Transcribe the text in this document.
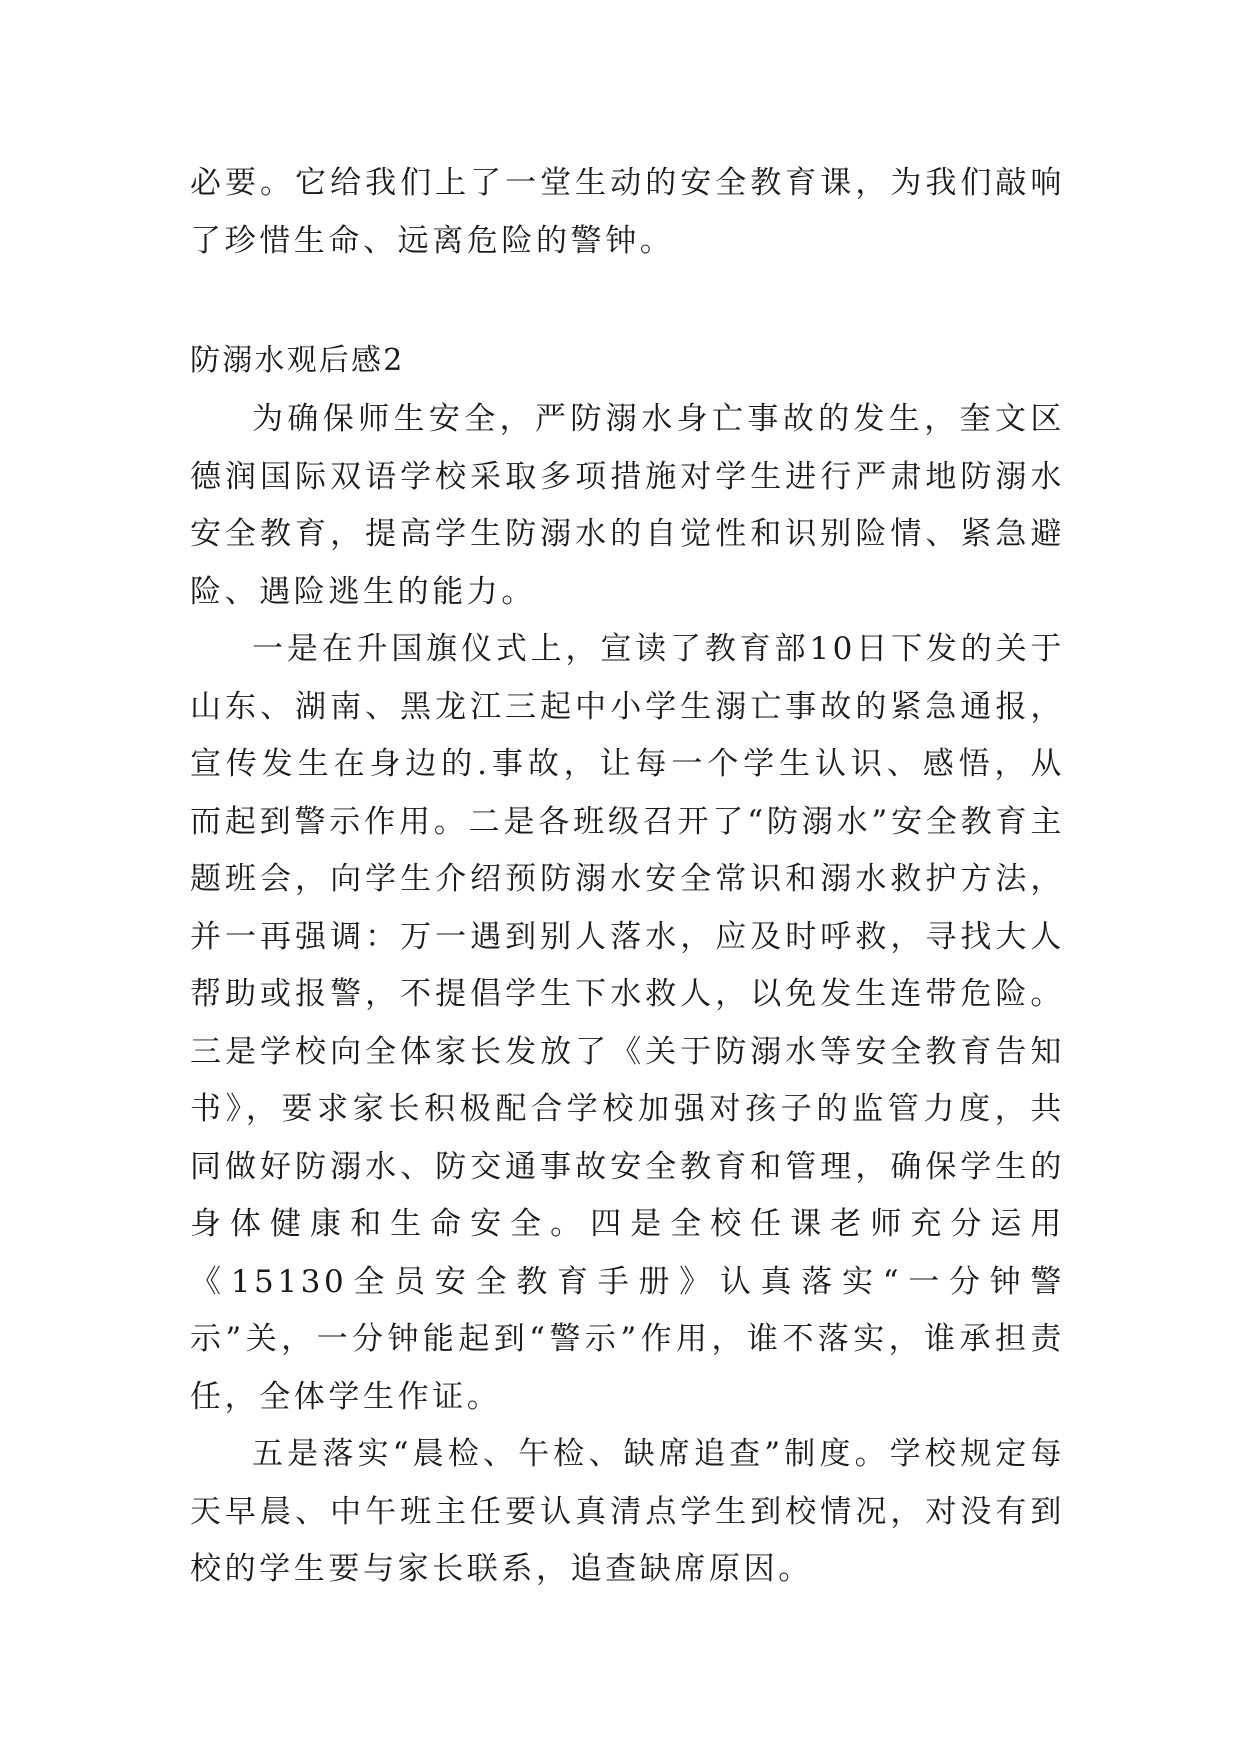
必要。它给我们上了一堂生动的安全教育课，为我们敲响了珍惜生命、远离危险的警钟。

防溺水观后感2

为确保师生安全，严防溺水身亡事故的发生，奎文区德润国际双语学校采取多项措施对学生进行严肃地防溺水安全教育，提高学生防溺水的自觉性和识别险情、紧急避险、遇险逃生的能力。

一是在升国旗仪式上，宣读了教育部10日下发的关于山东、湖南、黑龙江三起中小学生溺亡事故的紧急通报，宣传发生在身边的.事故，让每一个学生认识、感悟，从而起到警示作用。二是各班级召开了“防溺水”安全教育主题班会，向学生介绍预防溺水安全常识和溺水救护方法，并一再强调：万一遇到别人落水，应及时呼救，寻找大人帮助或报警，不提倡学生下水救人，以免发生连带危险。三是学校向全体家长发放了《关于防溺水等安全教育告知书》，要求家长积极配合学校加强对孩子的监管力度，共同做好防溺水、防交通事故安全教育和管理，确保学生的身体健康和生命安全。四是全校任课老师充分运用《15130全员安全教育手册》认真落实“一分钟警示”关，一分钟能起到“警示”作用，谁不落实，谁承担责任，全体学生作证。

五是落实“晨检、午检、缺席追查”制度。学校规定每天早晨、中午班主任要认真清点学生到校情况，对没有到校的学生要与家长联系，追查缺席原因。
